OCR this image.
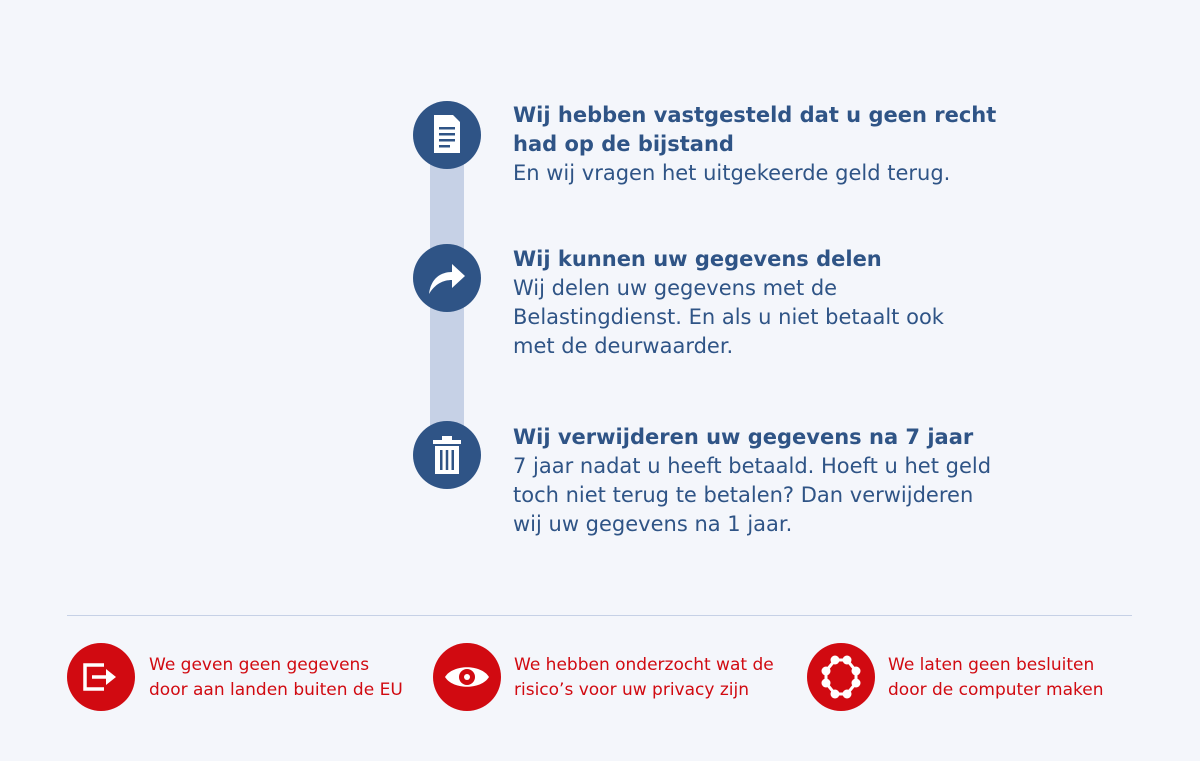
Wij hebben vastgesteld dat u geen recht
had op de bijstand

En wij vragen het uitgekeerde geld terug.

Wij kunnen uw gegevens delen

Wij delen uw gegevens met de
Belastingdienst. En als u niet betaalt ook
met de deurwaarder.

Wij verwijderen uw gegevens na 7 jaar

7 jaar nadat u heeft betaald. Hoeft u het geld
toch niet terug te betalen? Dan verwijderen
wij uw gegevens na 1 jaar.

We geven geen gegevens
door aan landen buiten de EU
We hebben onderzocht wat de
risico’s voor uw privacy zijn
We laten geen besluiten
door de computer maken
